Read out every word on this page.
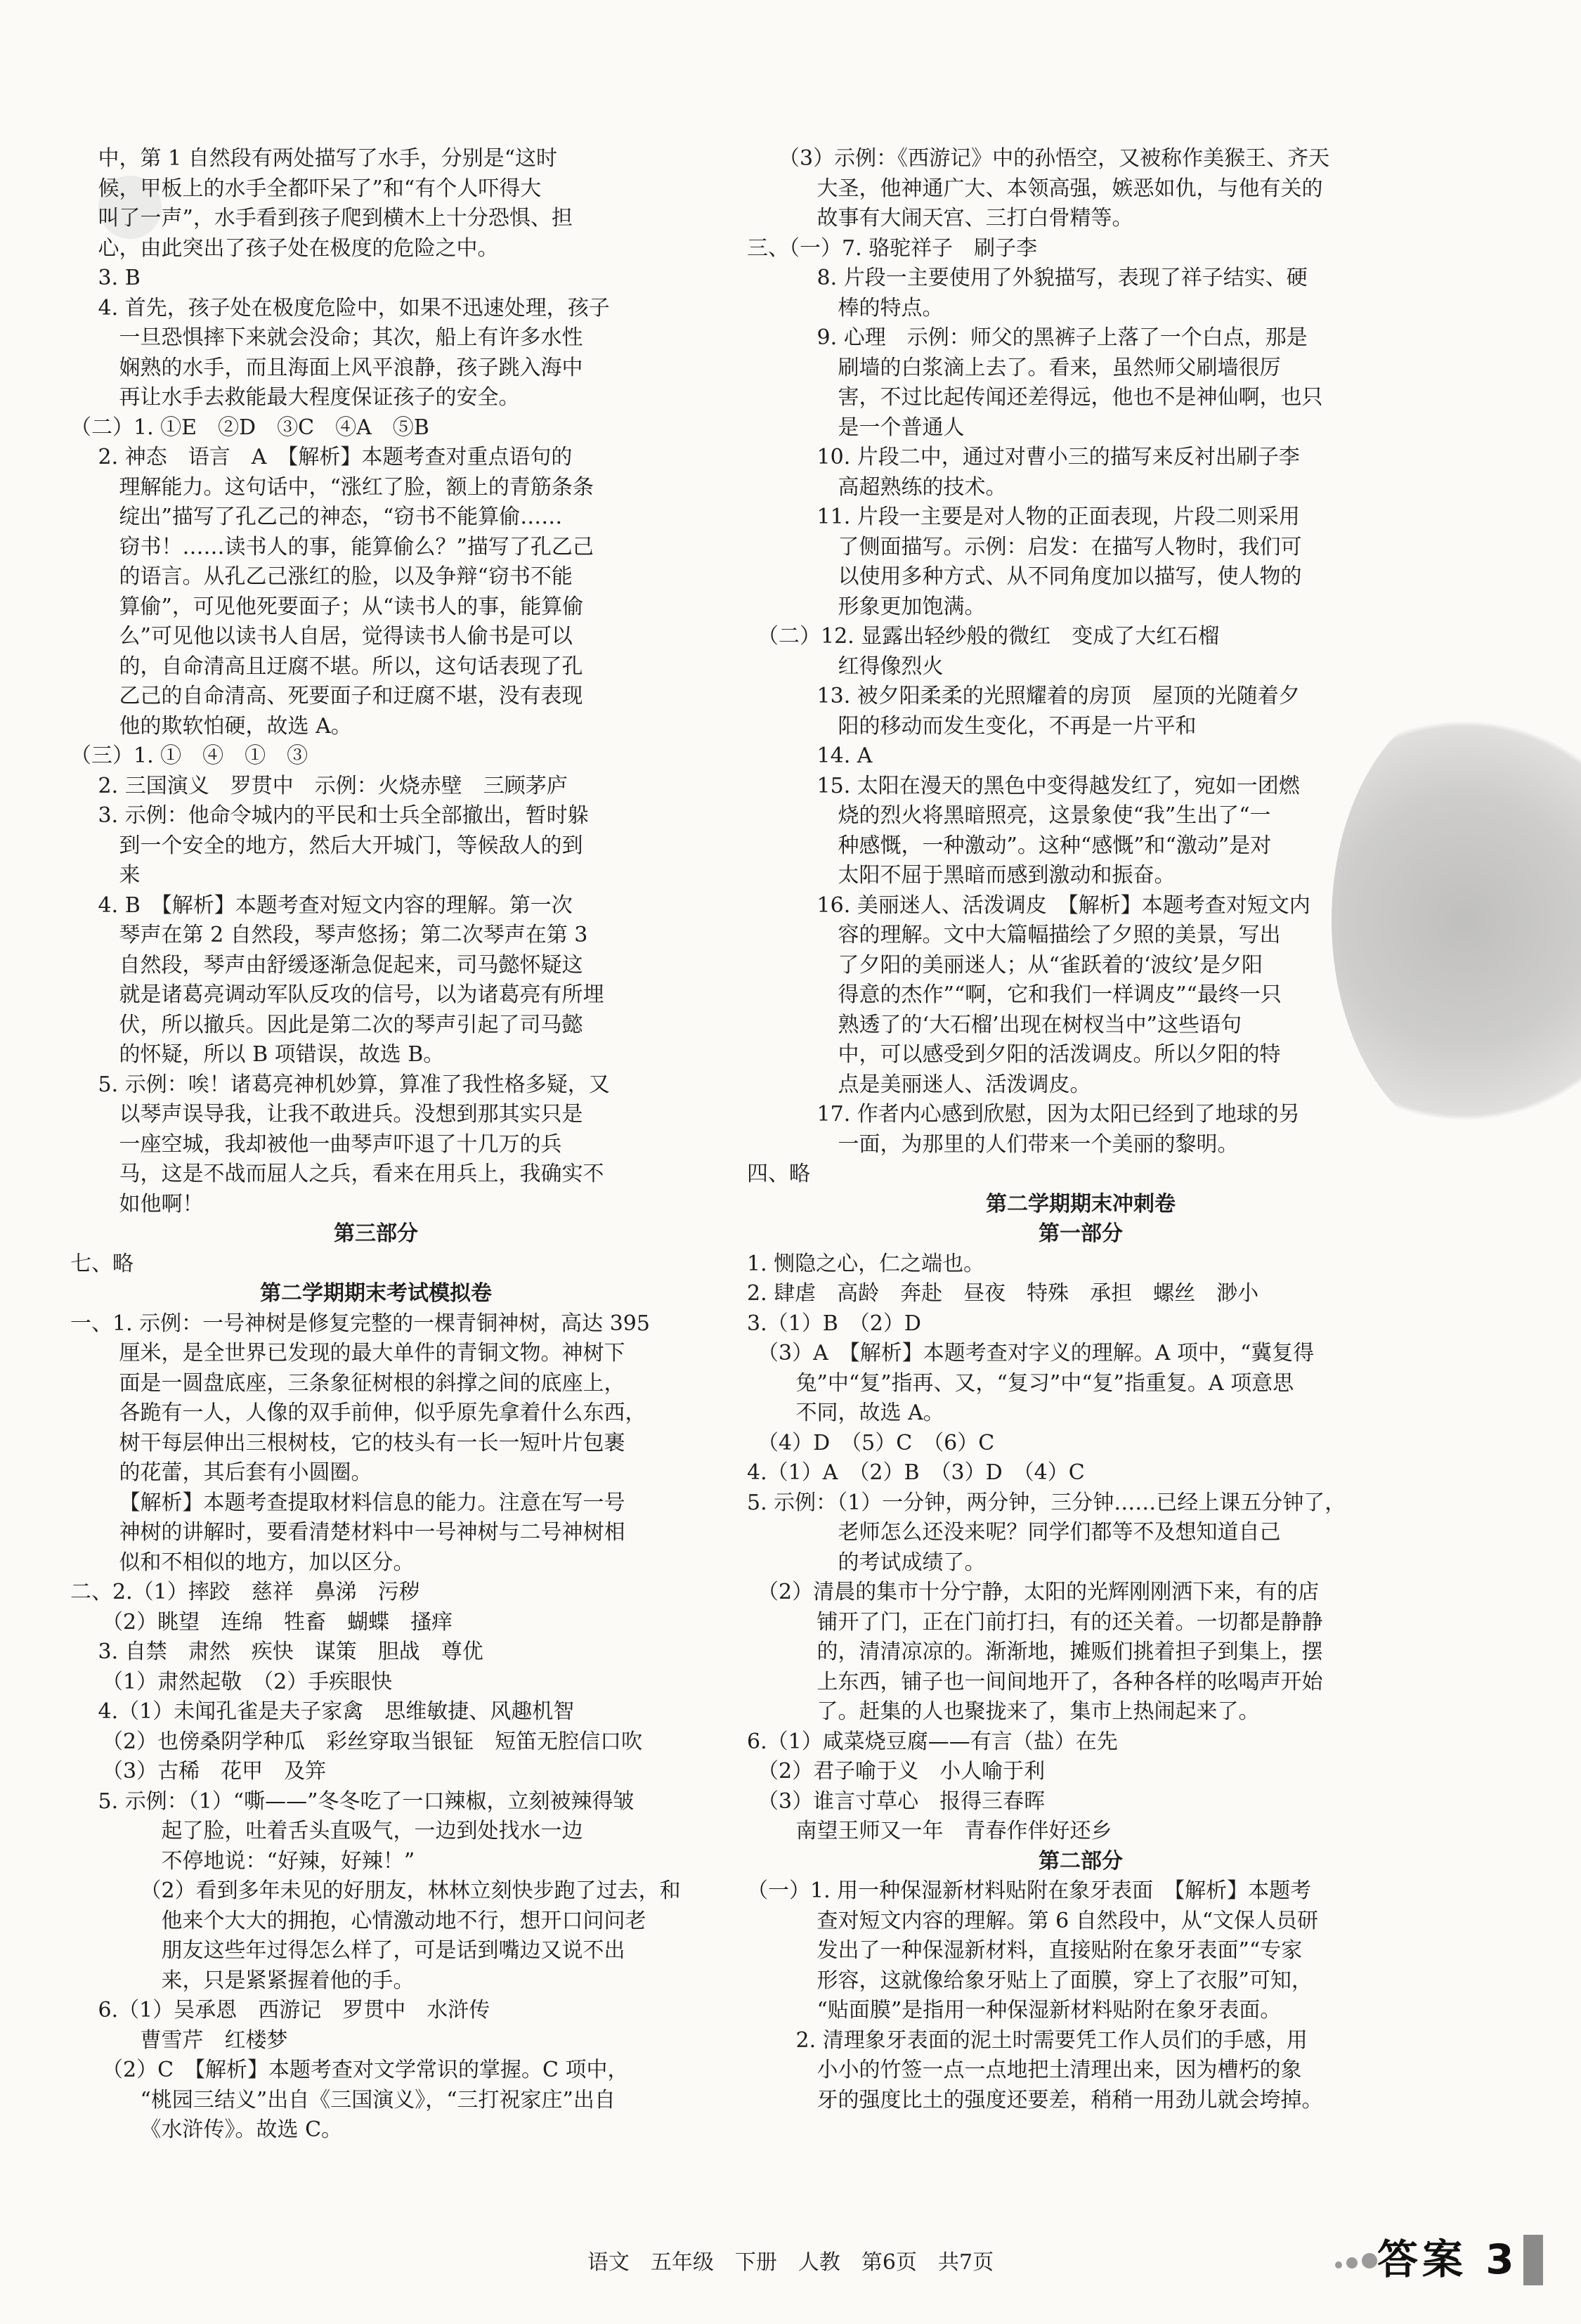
　 中，第 1 自然段有两处描写了水手，分别是“这时
　 候，甲板上的水手全都吓呆了”和“有个人吓得大
　 叫了一声”，水手看到孩子爬到横木上十分恐惧、担
　 心，由此突出了孩子处在极度的危险之中。
　 3. B
　 4. 首先，孩子处在极度危险中，如果不迅速处理，孩子
　　 一旦恐惧摔下来就会没命；其次，船上有许多水性
　　 娴熟的水手，而且海面上风平浪静，孩子跳入海中
　　 再让水手去救能最大程度保证孩子的安全。
（二）1. ①E　②D　③C　④A　⑤B
　 2. 神态　语言　A　【解析】本题考查对重点语句的
　　 理解能力。这句话中，“涨红了脸，额上的青筋条条
　　 绽出”描写了孔乙己的神态，“窃书不能算偷……
　　 窃书！……读书人的事，能算偷么？”描写了孔乙己
　　 的语言。从孔乙己涨红的脸，以及争辩“窃书不能
　　 算偷”，可见他死要面子；从“读书人的事，能算偷
　　 么”可见他以读书人自居，觉得读书人偷书是可以
　　 的，自命清高且迂腐不堪。所以，这句话表现了孔
　　 乙己的自命清高、死要面子和迂腐不堪，没有表现
　　 他的欺软怕硬，故选 A。
（三）1. ①　④　①　③
　 2. 三国演义　罗贯中　示例：火烧赤壁　三顾茅庐
　 3. 示例：他命令城内的平民和士兵全部撤出，暂时躲
　　 到一个安全的地方，然后大开城门，等候敌人的到
　　 来
　 4. B　【解析】本题考查对短文内容的理解。第一次
　　 琴声在第 2 自然段，琴声悠扬；第二次琴声在第 3
　　 自然段，琴声由舒缓逐渐急促起来，司马懿怀疑这
　　 就是诸葛亮调动军队反攻的信号，以为诸葛亮有所埋
　　 伏，所以撤兵。因此是第二次的琴声引起了司马懿
　　 的怀疑，所以 B 项错误，故选 B。
　 5. 示例：唉！诸葛亮神机妙算，算准了我性格多疑，又
　　 以琴声误导我，让我不敢进兵。没想到那其实只是
　　 一座空城，我却被他一曲琴声吓退了十几万的兵
　　 马，这是不战而屈人之兵，看来在用兵上，我确实不
　　 如他啊！
第三部分
七、略
第二学期期末考试模拟卷
一、1. 示例：一号神树是修复完整的一棵青铜神树，高达 395
　　 厘米，是全世界已发现的最大单件的青铜文物。神树下
　　 面是一圆盘底座，三条象征树根的斜撑之间的底座上，
　　 各跪有一人，人像的双手前伸，似乎原先拿着什么东西，
　　 树干每层伸出三根树枝，它的枝头有一长一短叶片包裹
　　 的花蕾，其后套有小圆圈。
　　 【解析】本题考查提取材料信息的能力。注意在写一号
　　 神树的讲解时，要看清楚材料中一号神树与二号神树相
　　 似和不相似的地方，加以区分。
二、2.（1）摔跤　慈祥　鼻涕　污秽
　　（2）眺望　连绵　牲畜　蝴蝶　搔痒
　 3. 自禁　肃然　疾快　谋策　胆战　尊优
　　（1）肃然起敬　（2）手疾眼快
　 4.（1）未闻孔雀是夫子家禽　思维敏捷、风趣机智
　　（2）也傍桑阴学种瓜　彩丝穿取当银钲　短笛无腔信口吹
　　（3）古稀　花甲　及笄
　 5. 示例：（1）“嘶——”冬冬吃了一口辣椒，立刻被辣得皱
　　　　 起了脸，吐着舌头直吸气，一边到处找水一边
　　　　 不停地说：“好辣，好辣！”
　　　 （2）看到多年未见的好朋友，林林立刻快步跑了过去，和
　　　　 他来个大大的拥抱，心情激动地不行，想开口问问老
　　　　 朋友这些年过得怎么样了，可是话到嘴边又说不出
　　　　 来，只是紧紧握着他的手。
　 6.（1）吴承恩　西游记　罗贯中　水浒传
　　　 曹雪芹　红楼梦
　　（2）C　【解析】本题考查对文学常识的掌握。C 项中，
　　　 “桃园三结义”出自《三国演义》，“三打祝家庄”出自
　　　 《水浒传》。故选 C。
　　（3）示例：《西游记》中的孙悟空，又被称作美猴王、齐天
　　　 大圣，他神通广大、本领高强，嫉恶如仇，与他有关的
　　　 故事有大闹天宫、三打白骨精等。
三、（一）7. 骆驼祥子　刷子李
　　　 8. 片段一主要使用了外貌描写，表现了祥子结实、硬
　　　　 棒的特点。
　　　 9. 心理　示例：师父的黑裤子上落了一个白点，那是
　　　　 刷墙的白浆滴上去了。看来，虽然师父刷墙很厉
　　　　 害，不过比起传闻还差得远，他也不是神仙啊，也只
　　　　 是一个普通人
　　　 10. 片段二中，通过对曹小三的描写来反衬出刷子李
　　　　 高超熟练的技术。
　　　 11. 片段一主要是对人物的正面表现，片段二则采用
　　　　 了侧面描写。示例：启发：在描写人物时，我们可
　　　　 以使用多种方式、从不同角度加以描写，使人物的
　　　　 形象更加饱满。
　（二）12. 显露出轻纱般的微红　变成了大红石榴
　　　　 红得像烈火
　　　 13. 被夕阳柔柔的光照耀着的房顶　屋顶的光随着夕
　　　　 阳的移动而发生变化，不再是一片平和
　　　 14. A
　　　 15. 太阳在漫天的黑色中变得越发红了，宛如一团燃
　　　　 烧的烈火将黑暗照亮，这景象使“我”生出了“一
　　　　 种感慨，一种激动”。这种“感慨”和“激动”是对
　　　　 太阳不屈于黑暗而感到激动和振奋。
　　　 16. 美丽迷人、活泼调皮　【解析】本题考查对短文内
　　　　 容的理解。文中大篇幅描绘了夕照的美景，写出
　　　　 了夕阳的美丽迷人；从“雀跃着的‘波纹’是夕阳
　　　　 得意的杰作”“啊，它和我们一样调皮”“最终一只
　　　　 熟透了的‘大石榴’出现在树杈当中”这些语句
　　　　 中，可以感受到夕阳的活泼调皮。所以夕阳的特
　　　　 点是美丽迷人、活泼调皮。
　　　 17. 作者内心感到欣慰，因为太阳已经到了地球的另
　　　　 一面，为那里的人们带来一个美丽的黎明。
四、略
第二学期期末冲刺卷
第一部分
1. 恻隐之心，仁之端也。
2. 肆虐　高龄　奔赴　昼夜　特殊　承担　螺丝　渺小
3.（1）B　（2）D
　（3）A　【解析】本题考查对字义的理解。A 项中，“冀复得
　　 兔”中“复”指再、又，“复习”中“复”指重复。A 项意思
　　 不同，故选 A。
　（4）D　（5）C　（6）C
4.（1）A　（2）B　（3）D　（4）C
5. 示例：（1）一分钟，两分钟，三分钟……已经上课五分钟了，
　　　　 老师怎么还没来呢？同学们都等不及想知道自己
　　　　 的考试成绩了。
　（2）清晨的集市十分宁静，太阳的光辉刚刚洒下来，有的店
　　　 铺开了门，正在门前打扫，有的还关着。一切都是静静
　　　 的，清清凉凉的。渐渐地，摊贩们挑着担子到集上，摆
　　　 上东西，铺子也一间间地开了，各种各样的吆喝声开始
　　　 了。赶集的人也聚拢来了，集市上热闹起来了。
6.（1）咸菜烧豆腐——有言（盐）在先
　（2）君子喻于义　小人喻于利
　（3）谁言寸草心　报得三春晖
　　 南望王师又一年　青春作伴好还乡
第二部分
（一）1. 用一种保湿新材料贴附在象牙表面　【解析】本题考
　　　 查对短文内容的理解。第 6 自然段中，从“文保人员研
　　　 发出了一种保湿新材料，直接贴附在象牙表面”“专家
　　　 形容，这就像给象牙贴上了面膜，穿上了衣服”可知，
　　　 “贴面膜”是指用一种保湿新材料贴附在象牙表面。
　　 2. 清理象牙表面的泥土时需要凭工作人员们的手感，用
　　　 小小的竹签一点一点地把土清理出来，因为槽朽的象
　　　 牙的强度比土的强度还要差，稍稍一用劲儿就会垮掉。
语文　五年级　下册　人教　第6页　共7页	答案 3
